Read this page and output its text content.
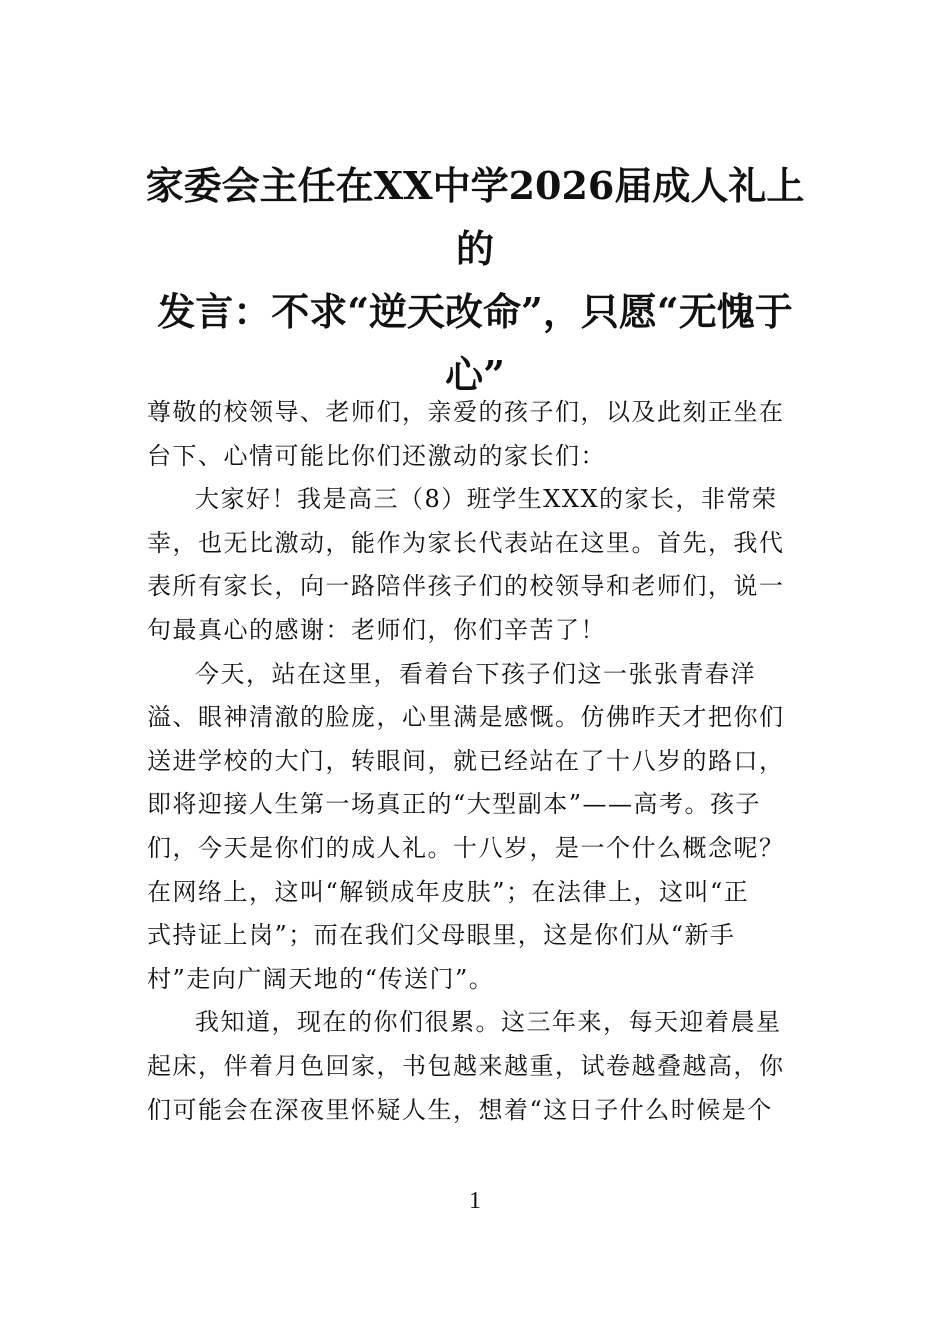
家委会主任在XX中学2026届成人礼上的
发言：不求“逆天改命”，只愿“无愧于
心”
尊敬的校领导、老师们，亲爱的孩子们，以及此刻正坐在
台下、心情可能比你们还激动的家长们：
大家好！我是高三（8）班学生XXX的家长，非常荣
幸，也无比激动，能作为家长代表站在这里。首先，我代
表所有家长，向一路陪伴孩子们的校领导和老师们，说一
句最真心的感谢：老师们，你们辛苦了！
今天，站在这里，看着台下孩子们这一张张青春洋
溢、眼神清澈的脸庞，心里满是感慨。仿佛昨天才把你们
送进学校的大门，转眼间，就已经站在了十八岁的路口，
即将迎接人生第一场真正的“大型副本”——高考。孩子
们，今天是你们的成人礼。十八岁，是一个什么概念呢？
在网络上，这叫“解锁成年皮肤”；在法律上，这叫“正
式持证上岗”；而在我们父母眼里，这是你们从“新手
村”走向广阔天地的“传送门”。
我知道，现在的你们很累。这三年来，每天迎着晨星
起床，伴着月色回家，书包越来越重，试卷越叠越高，你
们可能会在深夜里怀疑人生，想着“这日子什么时候是个
1
